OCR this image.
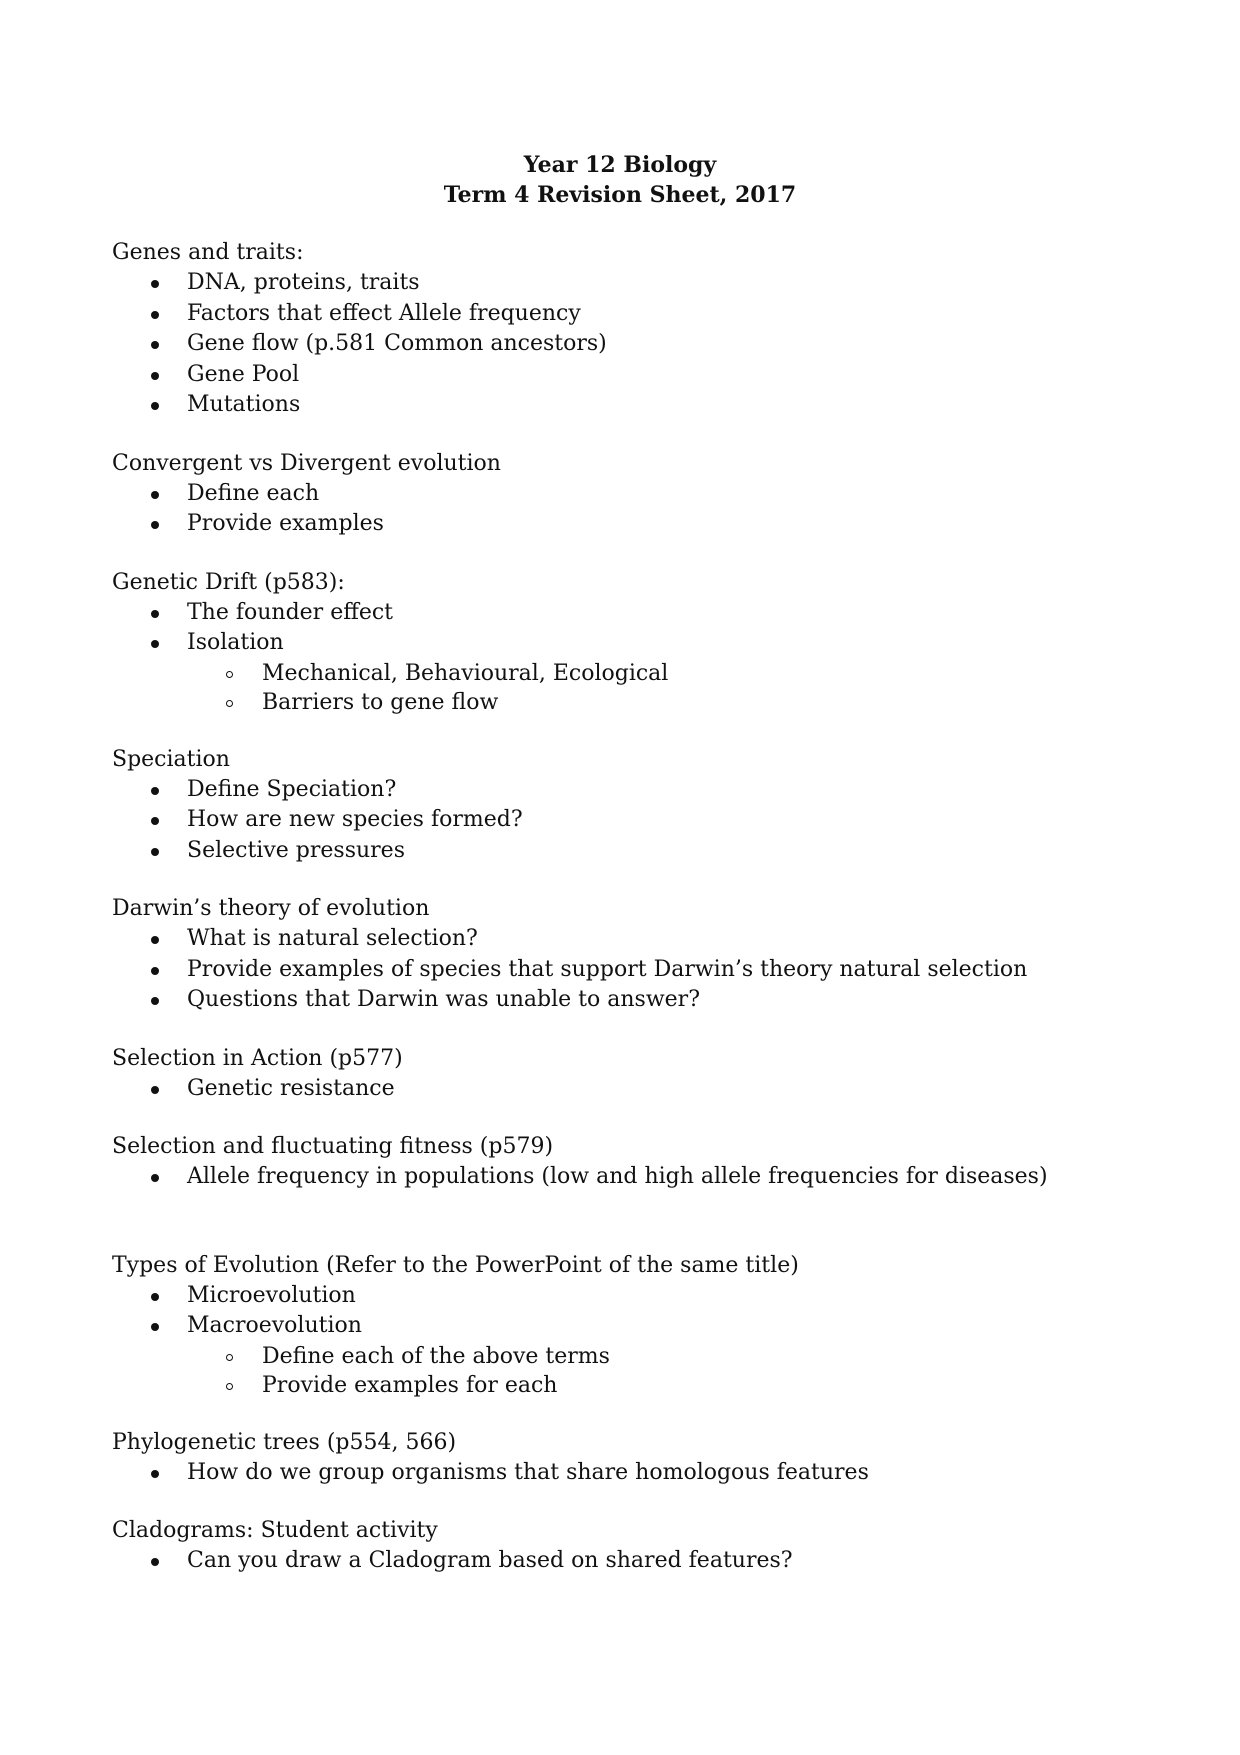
Year 12 Biology
Term 4 Revision Sheet, 2017

Genes and traits:

DNA, proteins, traits
Factors that effect Allele frequency
Gene flow (p.581 Common ancestors)
Gene Pool
Mutations

Convergent vs Divergent evolution

Define each
Provide examples

Genetic Drift (p583):

The founder effect
Isolation
Mechanical, Behavioural, Ecological
Barriers to gene flow

Speciation

Define Speciation?
How are new species formed?
Selective pressures

Darwin’s theory of evolution

What is natural selection?
Provide examples of species that support Darwin’s theory natural selection
Questions that Darwin was unable to answer?

Selection in Action (p577)

Genetic resistance

Selection and fluctuating fitness (p579)

Allele frequency in populations (low and high allele frequencies for diseases)

Types of Evolution (Refer to the PowerPoint of the same title)

Microevolution
Macroevolution
Define each of the above terms
Provide examples for each

Phylogenetic trees (p554, 566)

How do we group organisms that share homologous features

Cladograms: Student activity

Can you draw a Cladogram based on shared features?
